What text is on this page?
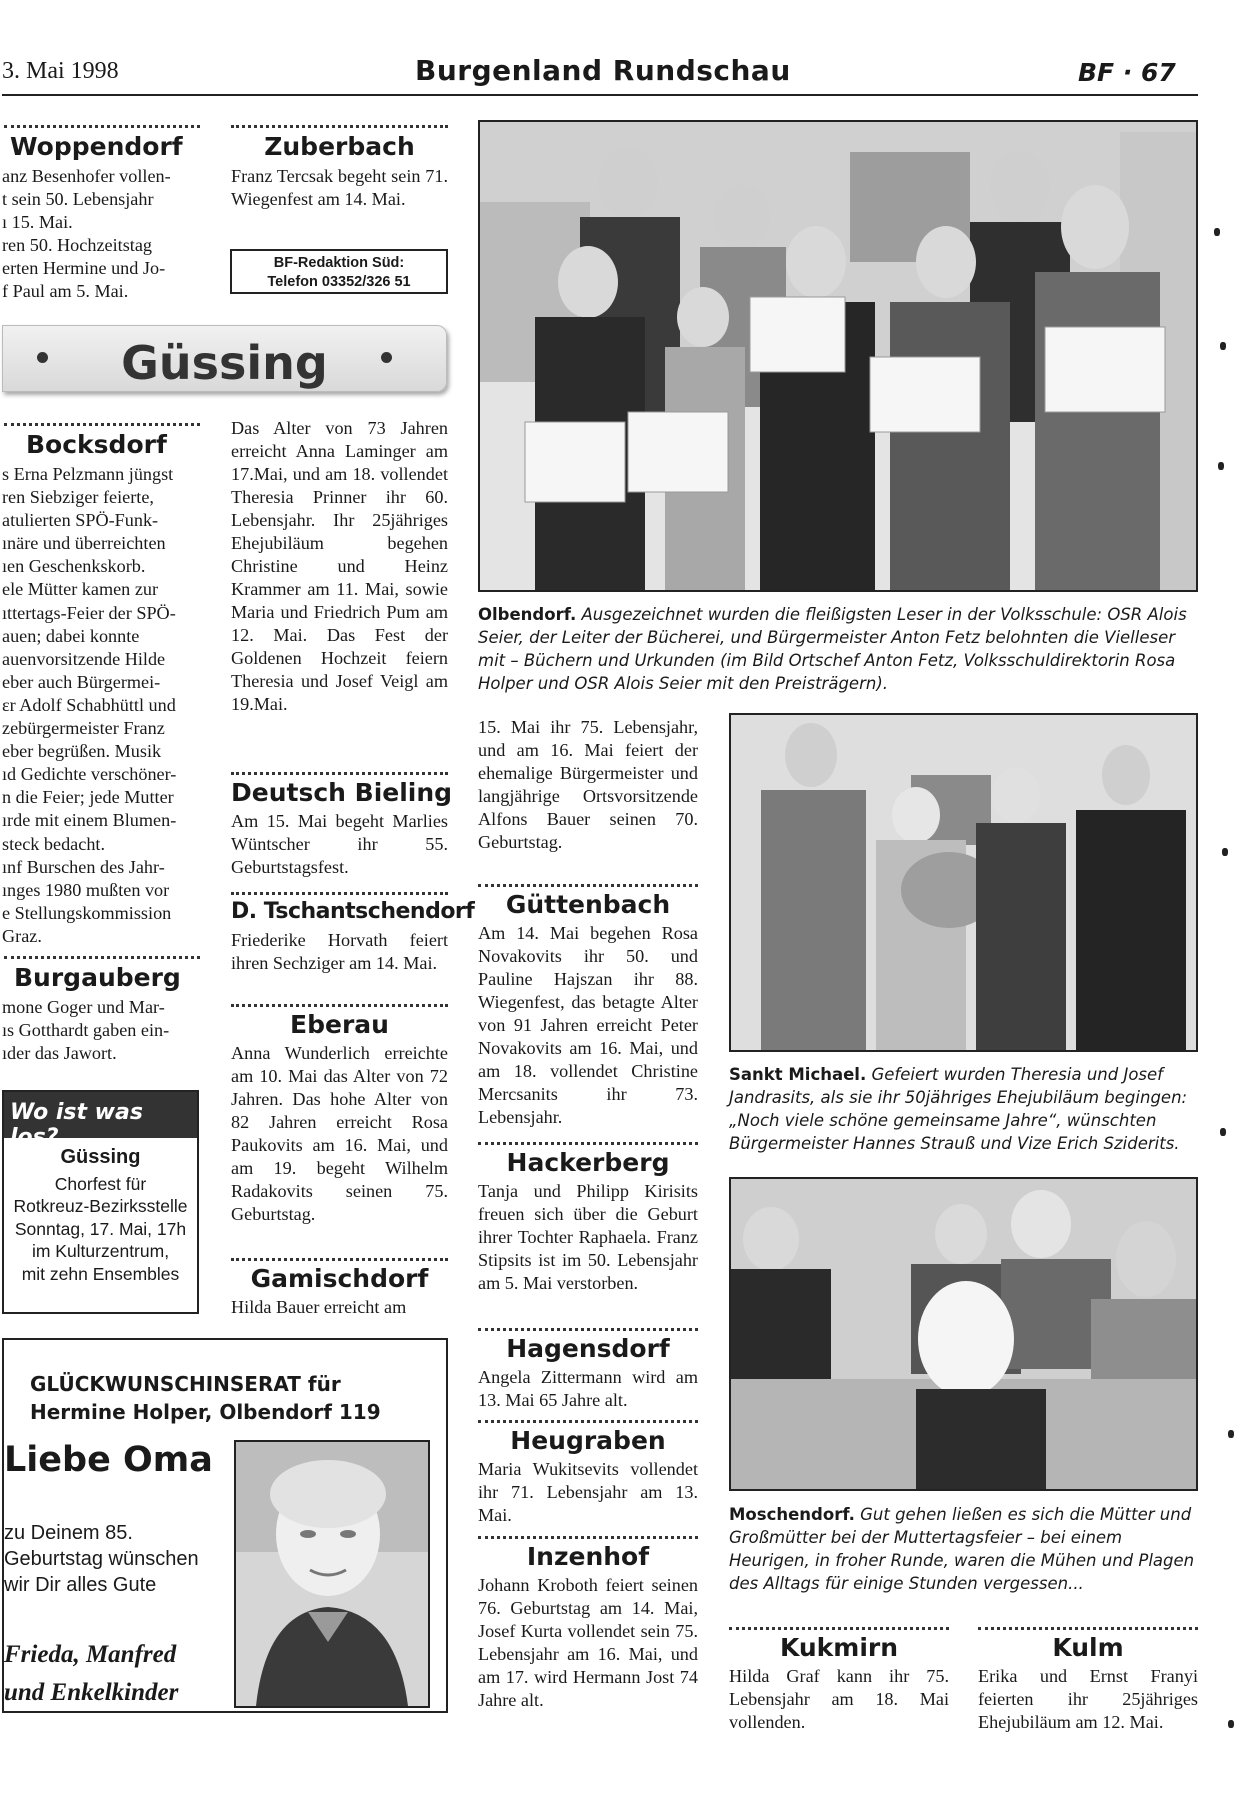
3. Mai 1998	Burgenland Rundschau	BF · 67
Woppendorf
anz Besenhofer vollen-
t sein 50. Lebensjahr
ı 15. Mai.
ren 50. Hochzeitstag
erten Hermine und Jo-
f Paul am 5. Mai.
Zuberbach
Franz Tercsak begeht sein 71. Wiegenfest am 14. Mai.
BF-Redaktion Süd:
Telefon 03352/326 51
Güssing
Bocksdorf
s Erna Pelzmann jüngst
ren Siebziger feierte,
atulierten SPÖ-Funk-
ınäre und überreichten
ıen Geschenkskorb.
ele Mütter kamen zur
ıttertags-Feier der SPÖ-
auen; dabei konnte
auenvorsitzende Hilde
eber auch Bürgermei-
ɛr Adolf Schabhüttl und
zebürgermeister Franz
eber begrüßen. Musik
ıd Gedichte verschöner-
n die Feier; jede Mutter
ırde mit einem Blumen-
steck bedacht.
ınf Burschen des Jahr-
ınges 1980 mußten vor
e Stellungskommission
Graz.
Burgauberg
mone Goger und Mar-
ıs Gotthardt gaben ein-
ıder das Jawort.
Wo ist was los?
Güssing
Chorfest für
Rotkreuz-Bezirksstelle
Sonntag, 17. Mai, 17h
im Kulturzentrum,
mit zehn Ensembles
Das Alter von 73 Jahren erreicht Anna Laminger am 17.Mai, und am 18. vollendet Theresia Prinner ihr 60. Lebensjahr. Ihr 25jähriges Ehejubiläum begehen Christine und Heinz Krammer am 11. Mai, sowie Maria und Friedrich Pum am 12. Mai. Das Fest der Goldenen Hochzeit feiern Theresia und Josef Veigl am 19.Mai.
Deutsch Bieling
Am 15. Mai begeht Marlies Wüntscher ihr 55. Geburtstagsfest.
D. Tschantschendorf
Friederike Horvath feiert ihren Sechziger am 14. Mai.
Eberau
Anna Wunderlich erreichte am 10. Mai das Alter von 72 Jahren. Das hohe Alter von 82 Jahren erreicht Rosa Paukovits am 16. Mai, und am 19. begeht Wilhelm Radakovits seinen 75. Geburtstag.
Gamischdorf
Hilda Bauer erreicht am
GLÜCKWUNSCHINSERAT für
Hermine Holper, Olbendorf 119
Liebe Oma
zu Deinem 85. Geburtstag wünschen wir Dir alles Gute
Frieda, Manfred
und Enkelkinder
Olbendorf. Ausgezeichnet wurden die fleißigsten Leser in der Volksschule: OSR Alois Seier, der Leiter der Bücherei, und Bürgermeister Anton Fetz belohnten die Vielleser mit – Büchern und Urkunden (im Bild Ortschef Anton Fetz, Volksschuldirektorin Rosa Holper und OSR Alois Seier mit den Preisträgern).
15. Mai ihr 75. Lebensjahr, und am 16. Mai feiert der ehemalige Bürgermeister und langjährige Ortsvorsitzende Alfons Bauer seinen 70. Geburtstag.
Güttenbach
Am 14. Mai begehen Rosa Novakovits ihr 50. und Pauline Hajszan ihr 88. Wiegenfest, das betagte Alter von 91 Jahren erreicht Peter Novakovits am 16. Mai, und am 18. vollendet Christine Mercsanits ihr 73. Lebensjahr.
Hackerberg
Tanja und Philipp Kirisits freuen sich über die Geburt ihrer Tochter Raphaela. Franz Stipsits ist im 50. Lebensjahr am 5. Mai verstorben.
Hagensdorf
Angela Zittermann wird am 13. Mai 65 Jahre alt.
Heugraben
Maria Wukitsevits vollendet ihr 71. Lebensjahr am 13. Mai.
Inzenhof
Johann Kroboth feiert seinen 76. Geburtstag am 14. Mai, Josef Kurta vollendet sein 75. Lebensjahr am 16. Mai, und am 17. wird Hermann Jost 74 Jahre alt.
Sankt Michael. Gefeiert wurden Theresia und Josef Jandrasits, als sie ihr 50jähriges Ehejubiläum begingen: „Noch viele schöne gemeinsame Jahre“, wünschten Bürgermeister Hannes Strauß und Vize Erich Sziderits.
Moschendorf. Gut gehen ließen es sich die Mütter und Großmütter bei der Muttertagsfeier – bei einem Heurigen, in froher Runde, waren die Mühen und Plagen des Alltags für einige Stunden vergessen...
Kukmirn
Hilda Graf kann ihr 75. Lebensjahr am 18. Mai vollenden.
Kulm
Erika und Ernst Franyi feierten ihr 25jähriges Ehejubiläum am 12. Mai.
